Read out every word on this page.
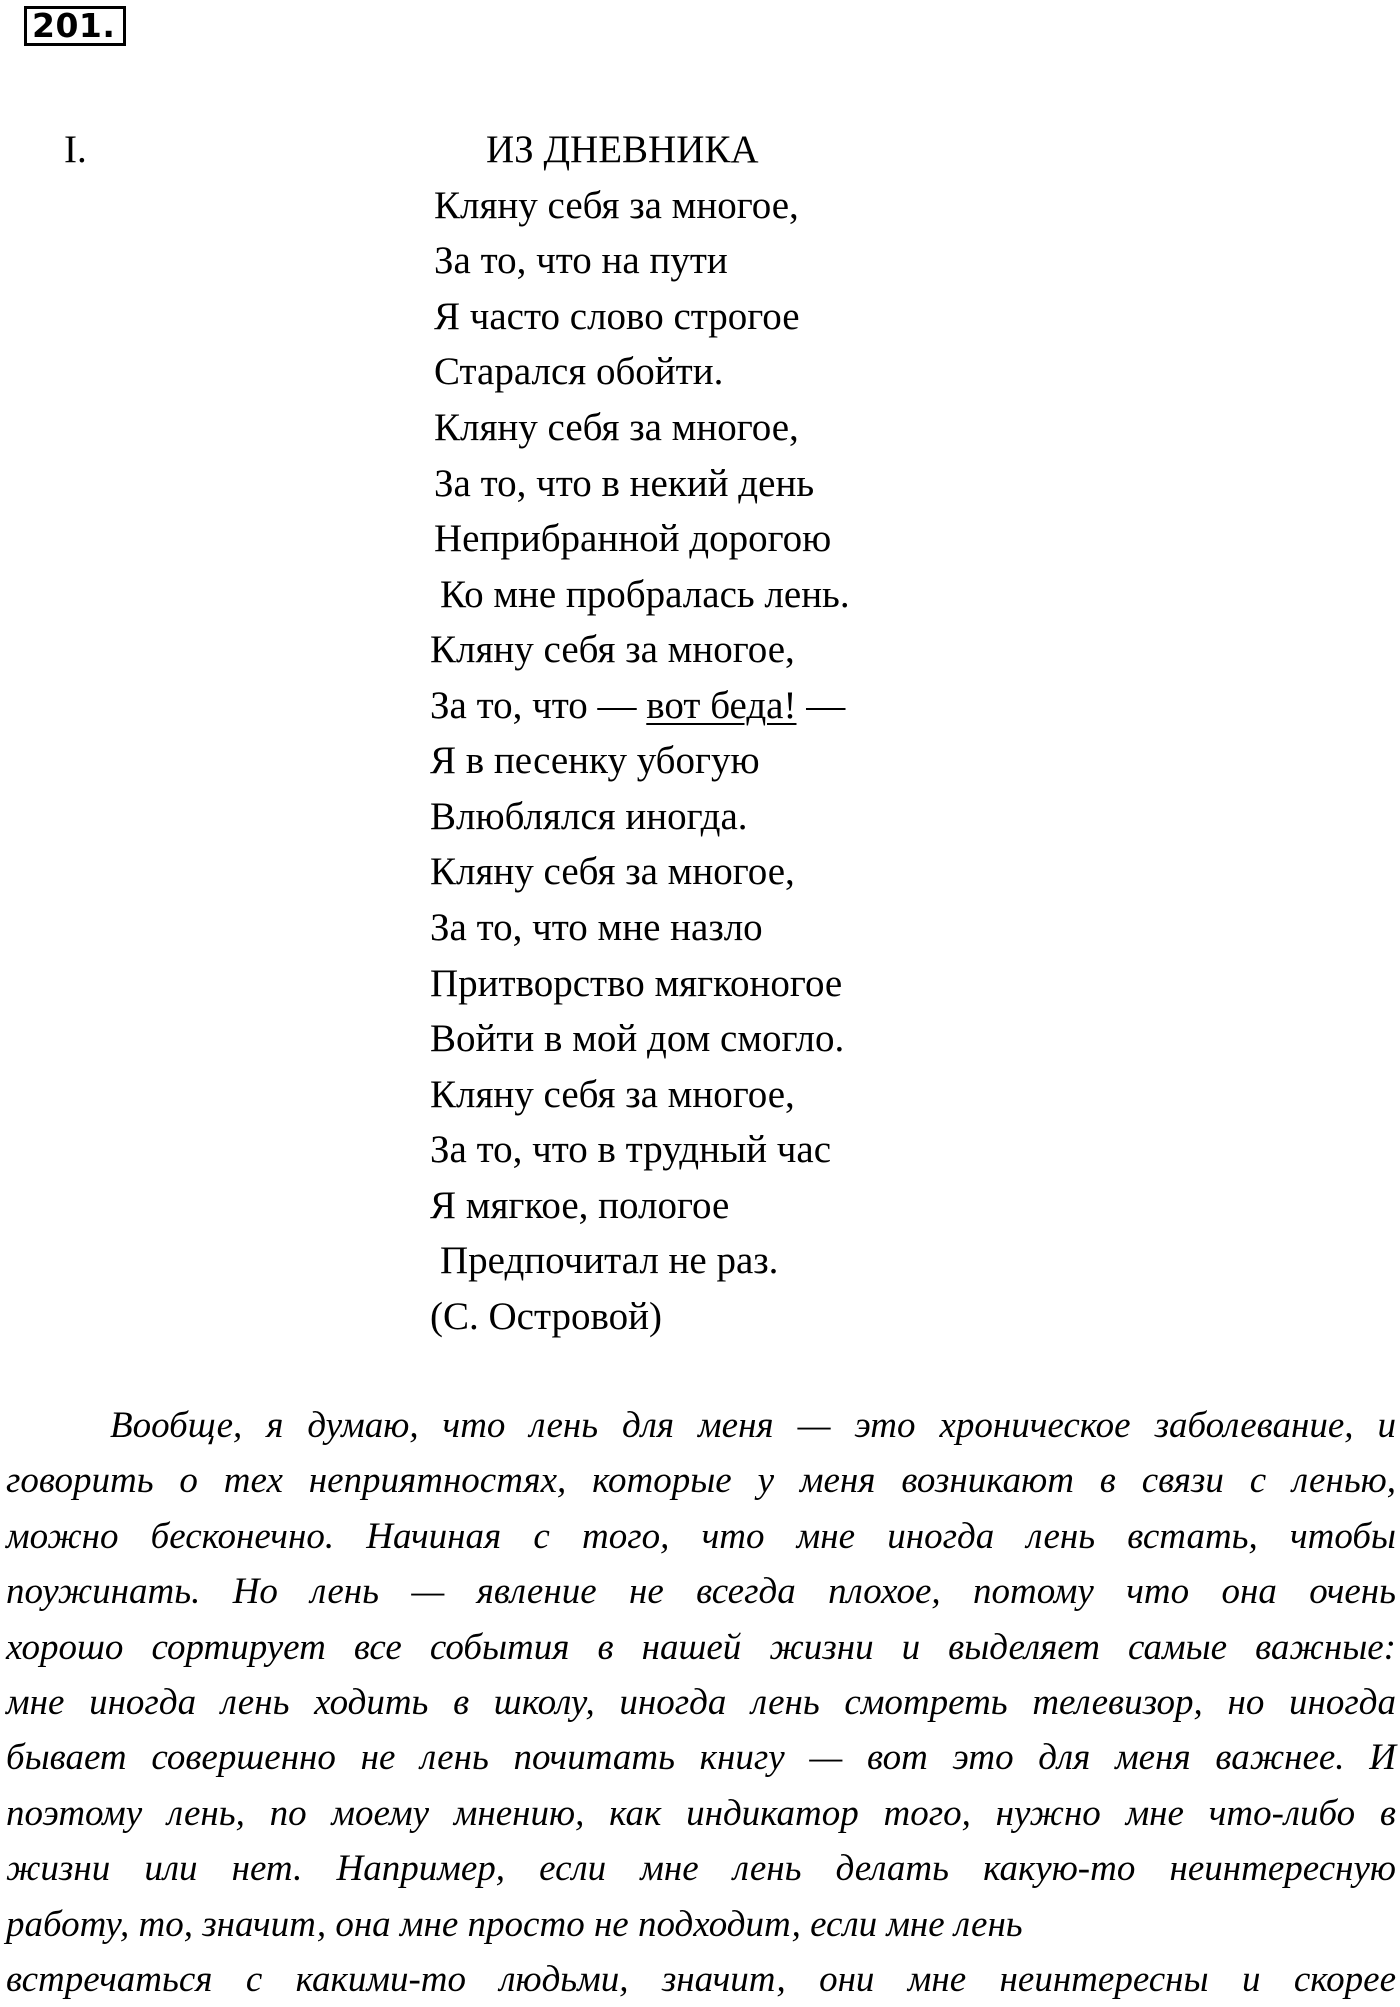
201.
I.	ИЗ ДНЕВНИКА
Кляну себя за многое,
За то, что на пути
Я часто слово строгое
Старался обойти.
Кляну себя за многое,
За то, что в некий день
Неприбранной дорогою
Ко мне пробралась лень.
Кляну себя за многое,
За то, что — вот беда! —
Я в песенку убогую
Влюблялся иногда.
Кляну себя за многое,
За то, что мне назло
Притворство мягконогое
Войти в мой дом смогло.
Кляну себя за многое,
За то, что в трудный час
Я мягкое, пологое
Предпочитал не раз.
(С. Островой)
Вообще, я думаю, что лень для меня — это хроническое заболевание, и
говорить о тех неприятностях, которые у меня возникают в связи с ленью,
можно бесконечно. Начиная с того, что мне иногда лень встать, чтобы
поужинать. Но лень — явление не всегда плохое, потому что она очень
хорошо сортирует все события в нашей жизни и выделяет самые важные:
мне иногда лень ходить в школу, иногда лень смотреть телевизор, но иногда
бывает совершенно не лень почитать книгу — вот это для меня важнее. И
поэтому лень, по моему мнению, как индикатор того, нужно мне что-либо в
жизни или нет. Например, если мне лень делать какую-то неинтересную
работу, то, значит, она мне просто не подходит, если мне лень
встречаться с какими-то людьми, значит, они мне неинтересны и скорее
